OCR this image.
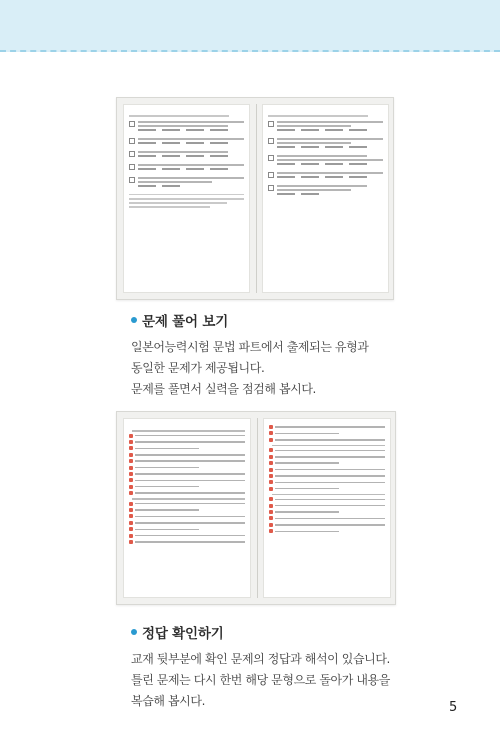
문제 풀어 보기

일본어능력시험 문법 파트에서 출제되는 유형과

동일한 문제가 제공됩니다.

문제를 풀면서 실력을 점검해 봅시다.

정답 확인하기

교재 뒷부분에 확인 문제의 정답과 해석이 있습니다.

틀린 문제는 다시 한번 해당 문형으로 돌아가 내용을

복습해 봅시다.	5
